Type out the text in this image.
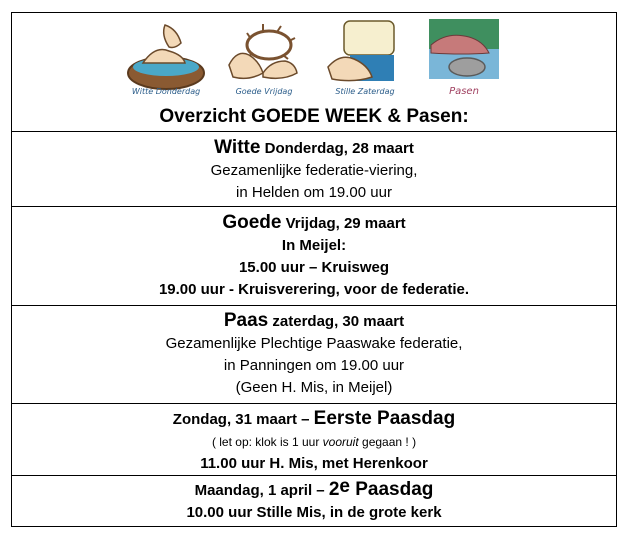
Witte Donderdag	Goede Vrijdag	Stille Zaterdag	Pasen
Overzicht GOEDE WEEK & Pasen:
Witte Donderdag, 28 maart
Gezamenlijke federatie-viering,
in Helden om 19.00 uur
Goede Vrijdag, 29 maart
In Meijel:
15.00 uur – Kruisweg
19.00 uur - Kruisverering, voor de federatie.
Paas zaterdag, 30 maart
Gezamenlijke Plechtige Paaswake federatie,
in Panningen om 19.00 uur
(Geen H. Mis, in Meijel)
Zondag, 31 maart – Eerste Paasdag
( let op: klok is 1 uur vooruit gegaan ! )
11.00 uur H. Mis, met Herenkoor
Maandag, 1 april – 2e Paasdag
10.00 uur Stille Mis, in de grote kerk
